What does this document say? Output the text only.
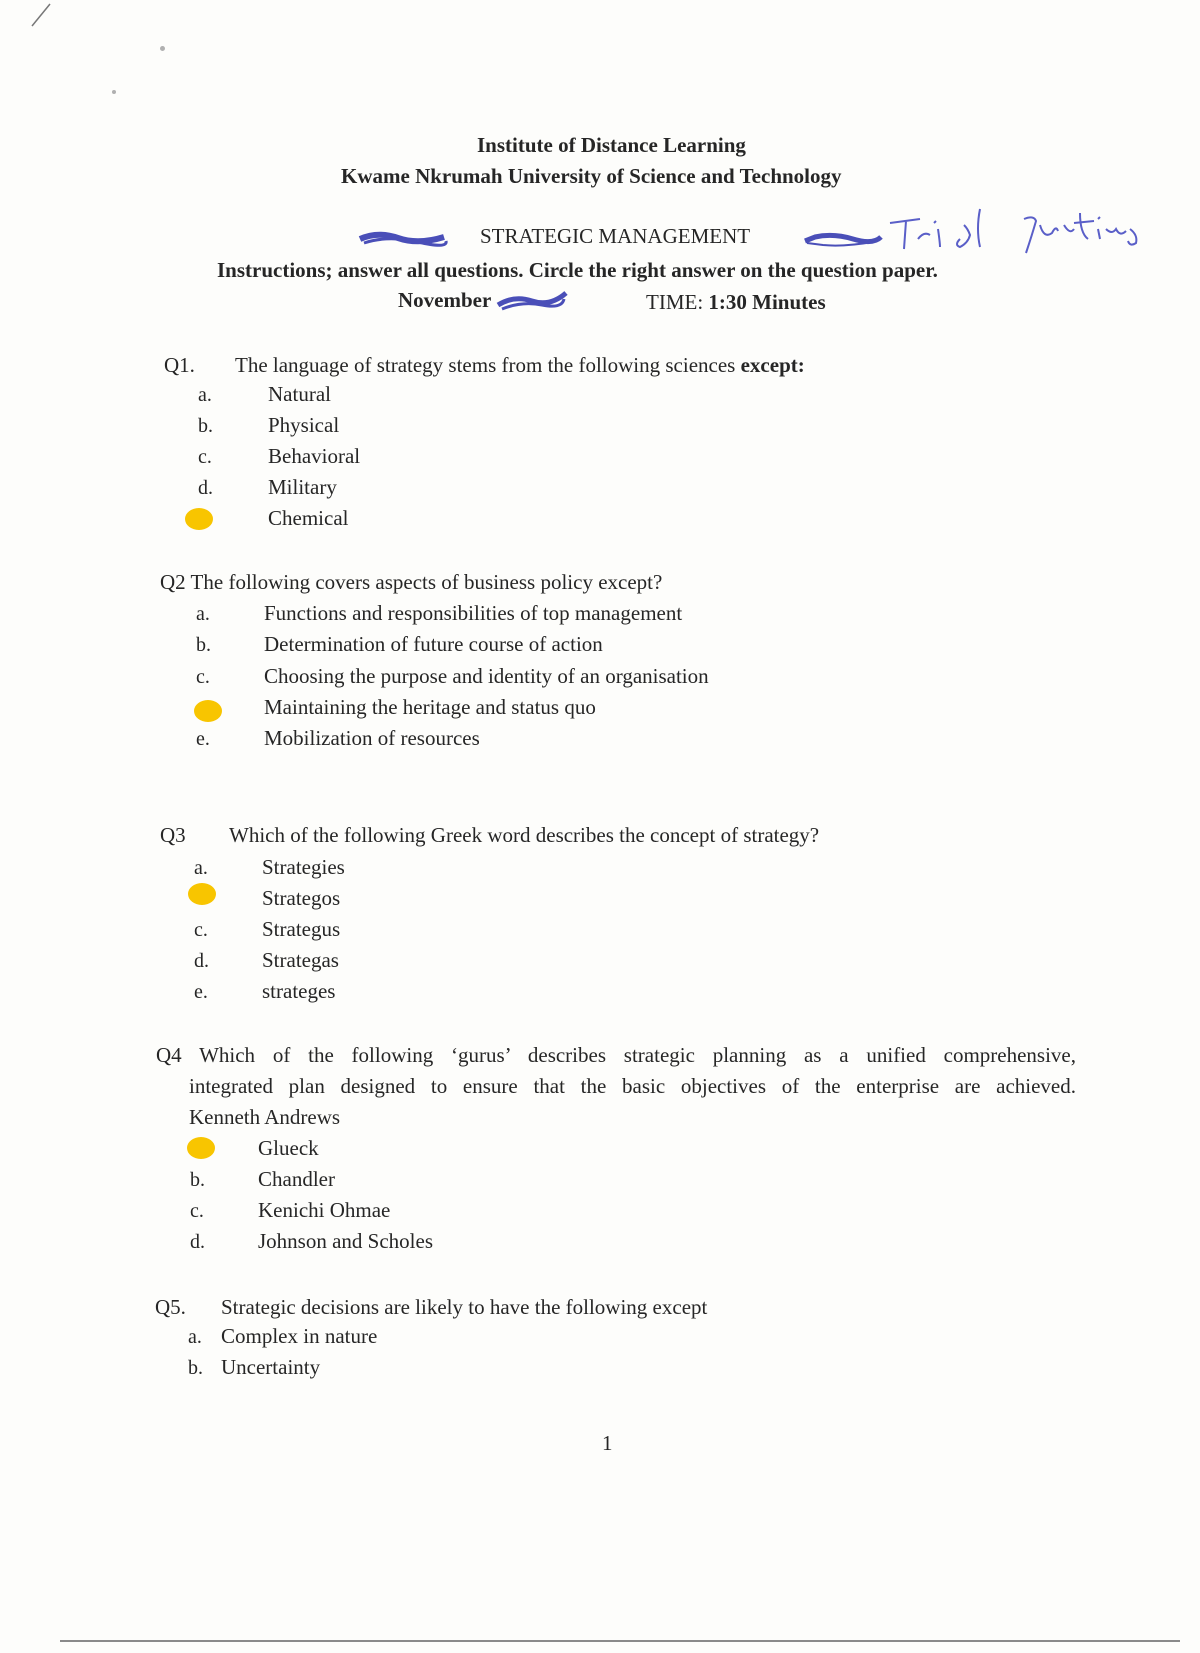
Institute of Distance Learning
Kwame Nkrumah University of Science and Technology
STRATEGIC MANAGEMENT
Instructions; answer all questions. Circle the right answer on the question paper.
November	TIME: 1:30 Minutes
Q1. The language of strategy stems from the following sciences except:
a.	Natural
b.	Physical
c.	Behavioral
d.	Military
Chemical
Q2 The following covers aspects of business policy except?
a.	Functions and responsibilities of top management
b.	Determination of future course of action
c.	Choosing the purpose and identity of an organisation
Maintaining the heritage and status quo
e.	Mobilization of resources
Q3 Which of the following Greek word describes the concept of strategy?
a.	Strategies
Strategos
c.	Strategus
d.	Strategas
e.	strateges
Q4 Which of the following ‘gurus’ describes strategic planning as a unified comprehensive,
integrated plan designed to ensure that the basic objectives of the enterprise are achieved.
Kenneth Andrews
Glueck
b.	Chandler
c.	Kenichi Ohmae
d.	Johnson and Scholes
Q5. Strategic decisions are likely to have the following except
a. Complex in nature
b. Uncertainty
1
